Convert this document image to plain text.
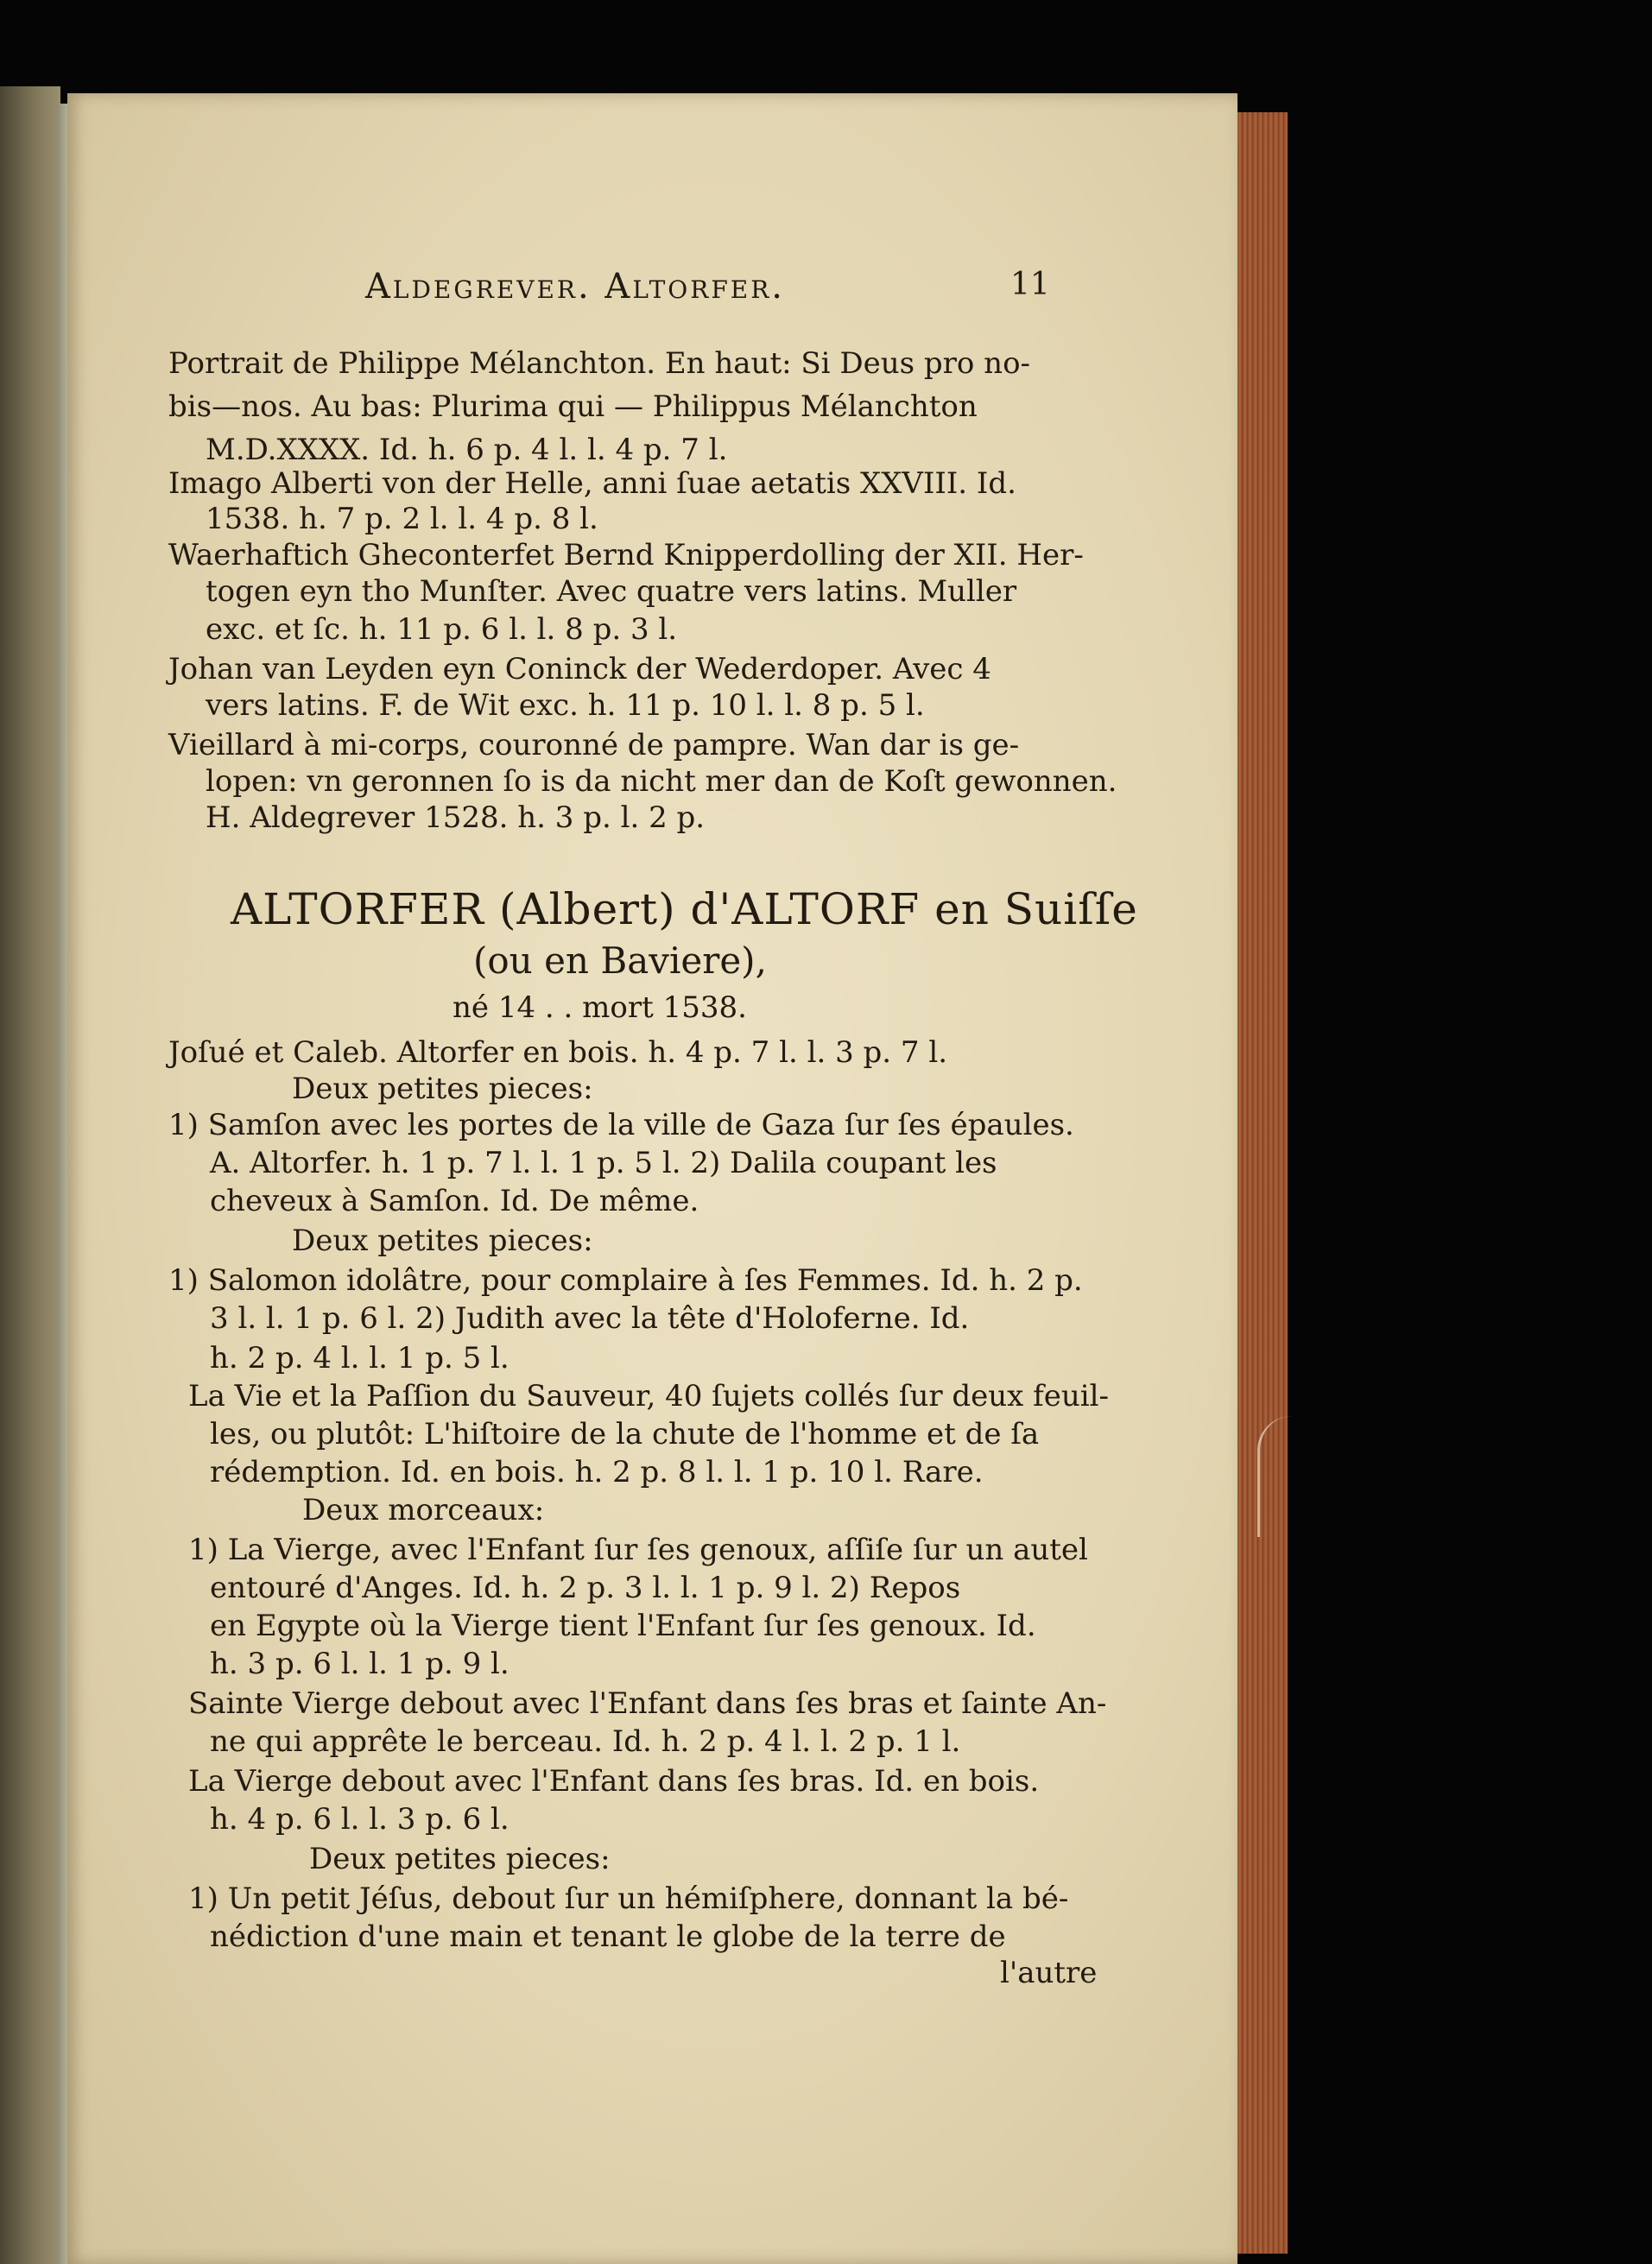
Aldegrever. Altorfer.	11
Portrait de Philippe Mélanchton. En haut: Si Deus pro no-
bis—nos. Au bas: Plurima qui — Philippus Mélanchton
M.D.XXXX. Id. h. 6 p. 4 l. l. 4 p. 7 l.
Imago Alberti von der Helle, anni ſuae aetatis XXVIII. Id.
1538. h. 7 p. 2 l. l. 4 p. 8 l.
Waerhaftich Gheconterfet Bernd Knipperdolling der XII. Her-
togen eyn tho Munſter. Avec quatre vers latins. Muller
exc. et ſc. h. 11 p. 6 l. l. 8 p. 3 l.
Johan van Leyden eyn Coninck der Wederdoper. Avec 4
vers latins. F. de Wit exc. h. 11 p. 10 l. l. 8 p. 5 l.
Vieillard à mi-corps, couronné de pampre. Wan dar is ge-
lopen: vn geronnen ſo is da nicht mer dan de Koſt gewonnen.
H. Aldegrever 1528. h. 3 p. l. 2 p.
ALTORFER (Albert) d'ALTORF en Suiſſe
(ou en Baviere),
né 14 . . mort 1538.
Joſué et Caleb. Altorfer en bois. h. 4 p. 7 l. l. 3 p. 7 l.
Deux petites pieces:
1) Samſon avec les portes de la ville de Gaza ſur ſes épaules.
A. Altorfer. h. 1 p. 7 l. l. 1 p. 5 l. 2) Dalila coupant les
cheveux à Samſon. Id. De même.
Deux petites pieces:
1) Salomon idolâtre, pour complaire à ſes Femmes. Id. h. 2 p.
3 l. l. 1 p. 6 l. 2) Judith avec la tête d'Holoferne. Id.
h. 2 p. 4 l. l. 1 p. 5 l.
La Vie et la Paſſion du Sauveur, 40 ſujets collés ſur deux feuil-
les, ou plutôt: L'hiſtoire de la chute de l'homme et de ſa
rédemption. Id. en bois. h. 2 p. 8 l. l. 1 p. 10 l. Rare.
Deux morceaux:
1) La Vierge, avec l'Enfant ſur ſes genoux, aſſiſe ſur un autel
entouré d'Anges. Id. h. 2 p. 3 l. l. 1 p. 9 l. 2) Repos
en Egypte où la Vierge tient l'Enfant ſur ſes genoux. Id.
h. 3 p. 6 l. l. 1 p. 9 l.
Sainte Vierge debout avec l'Enfant dans ſes bras et ſainte An-
ne qui apprête le berceau. Id. h. 2 p. 4 l. l. 2 p. 1 l.
La Vierge debout avec l'Enfant dans ſes bras. Id. en bois.
h. 4 p. 6 l. l. 3 p. 6 l.
Deux petites pieces:
1) Un petit Jéſus, debout ſur un hémiſphere, donnant la bé-
nédiction d'une main et tenant le globe de la terre de
l'autre
